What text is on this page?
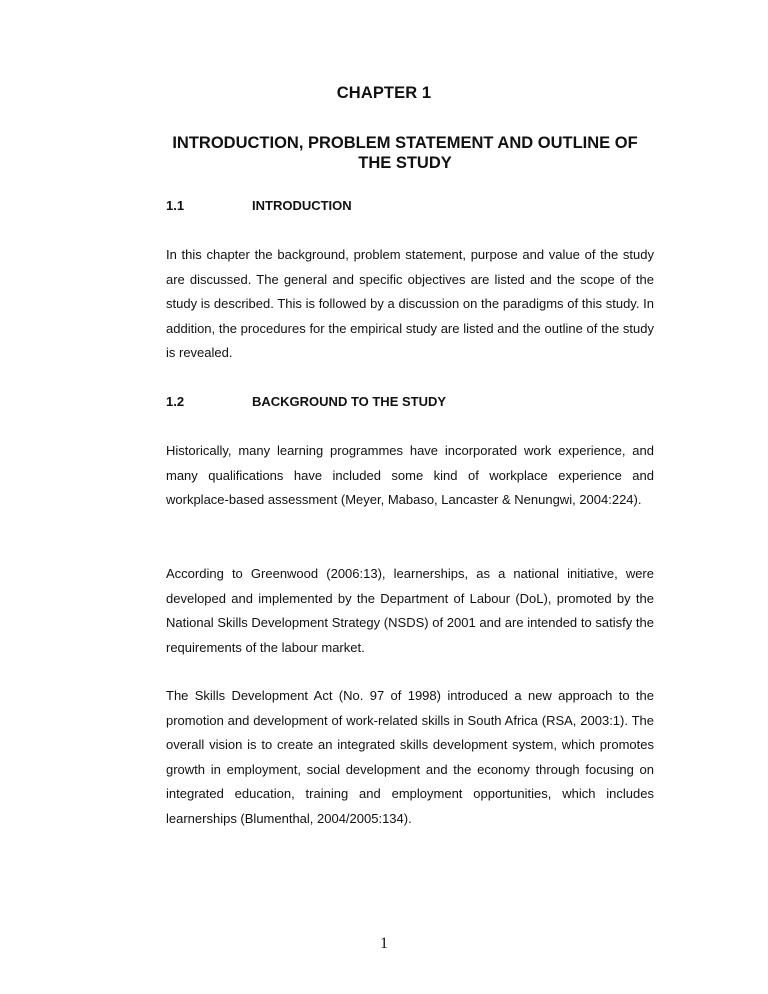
CHAPTER 1
INTRODUCTION, PROBLEM STATEMENT AND OUTLINE OF THE STUDY
1.1	INTRODUCTION

In this chapter the background, problem statement, purpose and value of the study are discussed. The general and specific objectives are listed and the scope of the study is described. This is followed by a discussion on the paradigms of this study. In addition, the procedures for the empirical study are listed and the outline of the study is revealed.

1.2	BACKGROUND TO THE STUDY

Historically, many learning programmes have incorporated work experience, and many qualifications have included some kind of workplace experience and workplace-based assessment (Meyer, Mabaso, Lancaster & Nenungwi, 2004:224).

According to Greenwood (2006:13), learnerships, as a national initiative, were developed and implemented by the Department of Labour (DoL), promoted by the National Skills Development Strategy (NSDS) of 2001 and are intended to satisfy the requirements of the labour market.

The Skills Development Act (No. 97 of 1998) introduced a new approach to the promotion and development of work-related skills in South Africa (RSA, 2003:1). The overall vision is to create an integrated skills development system, which promotes growth in employment, social development and the economy through focusing on integrated education, training and employment opportunities, which includes learnerships (Blumenthal, 2004/2005:134).

1
